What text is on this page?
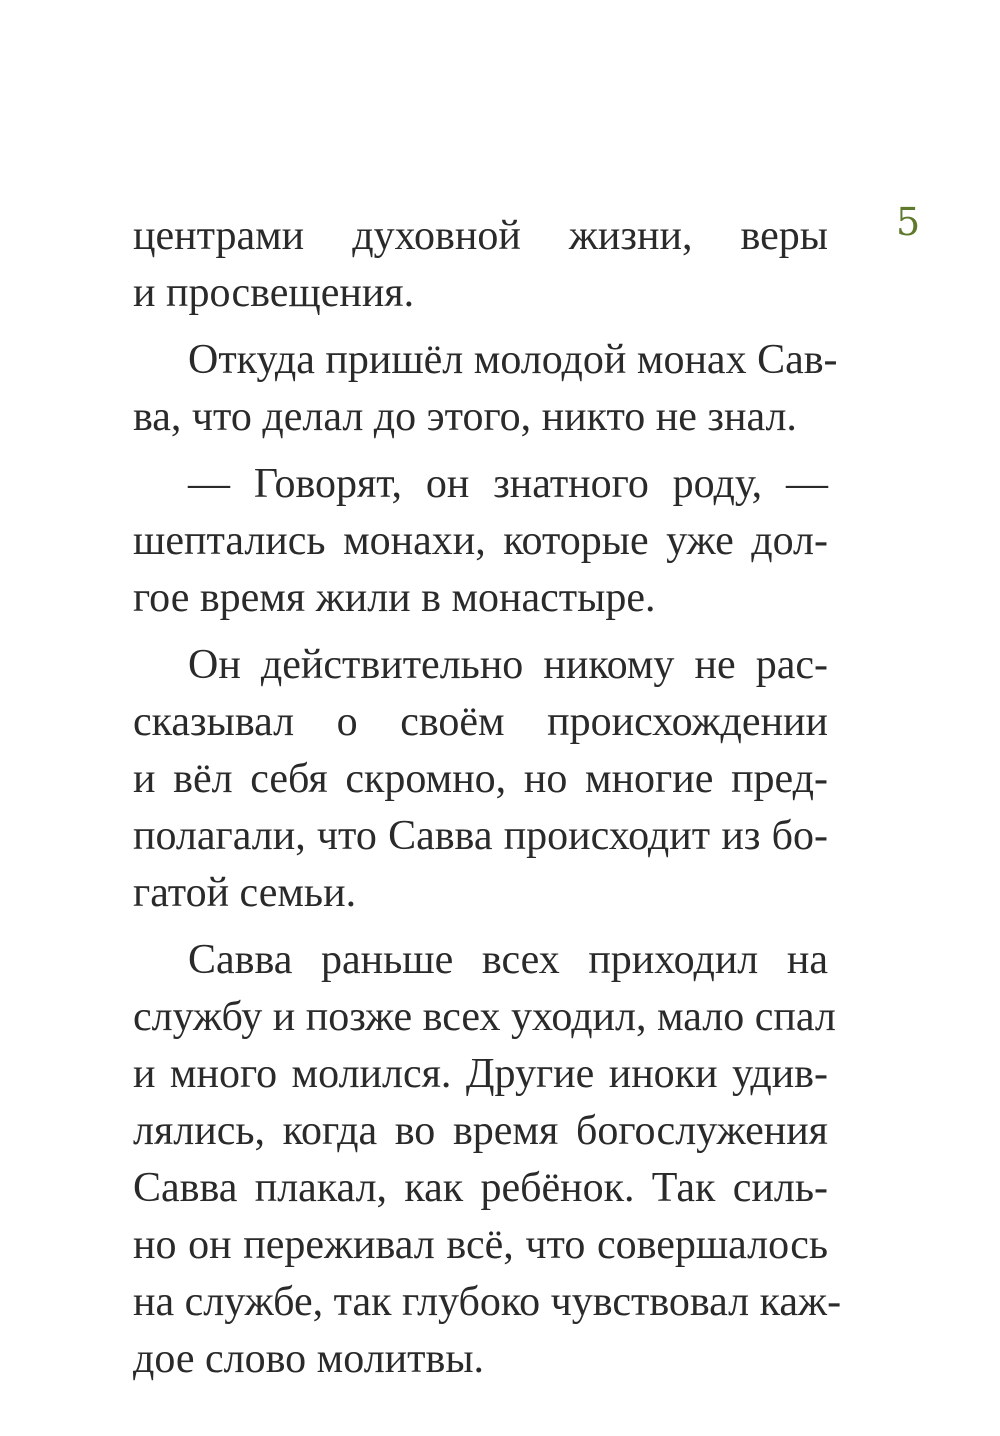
5
центрами духовной жизни, веры
и просвещения.
Откуда пришёл молодой монах Сав-
ва, что делал до этого, никто не знал.
— Говорят, он знатного роду, —
шептались монахи, которые уже дол-
гое время жили в монастыре.
Он действительно никому не рас-
сказывал о своём происхождении
и вёл себя скромно, но многие пред-
полагали, что Савва происходит из бо-
гатой семьи.
Савва раньше всех приходил на
службу и позже всех уходил, мало спал
и много молился. Другие иноки удив-
лялись, когда во время богослужения
Савва плакал, как ребёнок. Так силь-
но он переживал всё, что совершалось
на службе, так глубоко чувствовал каж-
дое слово молитвы.
